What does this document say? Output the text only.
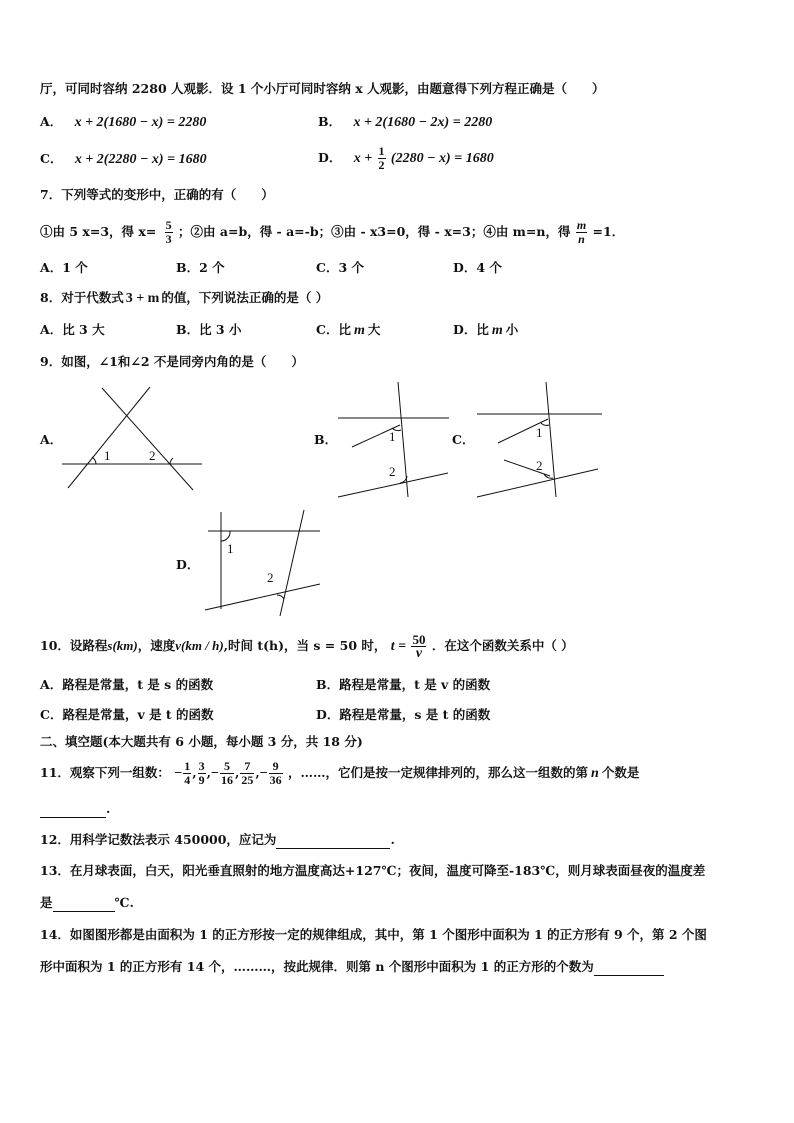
厅，可同时容纳 2280 人观影．设 1 个小厅可同时容纳 x 人观影，由题意得下列方程正确是（　　）
A． x + 2(1680 − x) = 2280	B． x + 2(1680 − 2x) = 2280
C． x + 2(2280 − x) = 1680	D． $x + \frac{1}{2} (2280 - x) = 1680$
7．下列等式的变形中，正确的有（　　）
①由 5 x=3，得 $x= \frac{5}{3}$ ；②由 a=b，得 - a=-b；③由 - x3=0，得 - x=3；④由 m=n，得 $\frac{m}{n} =1$．
A．1 个	B．2 个	C．3 个	D．4 个
8．对于代数式 3 + m 的值，下列说法正确的是（ ）
A．比 3 大	B．比 3 小	C．比 m 大	D．比 m 小
9．如图，∠1和∠2 不是同旁内角的是（　　）
A．	B．	C．
D．
1	2
1
2
1
2
1
2
10．设路程s(km)，速度v(km / h),时间 t(h)，当 s = 50 时， $t = \frac{50}{v}$ ．在这个函数关系中（ ）
A．路程是常量，t 是 s 的函数	B．路程是常量，t 是 v 的函数
C．路程是常量，v 是 t 的函数	D．路程是常量，s 是 t 的函数
二、填空题(本大题共有 6 小题，每小题 3 分，共 18 分)
11．观察下列一组数： − $\frac{1}{4}$ , $\frac{3}{9}$ ,− $\frac{5}{16}$ , $\frac{7}{25}$ ,− $\frac{9}{36}$ ，……，它们是按一定规律排列的，那么这一组数的第 n 个数是
.
12．用科学记数法表示 450000，应记为	.
13．在月球表面，白天，阳光垂直照射的地方温度高达+127℃；夜间，温度可降至-183℃，则月球表面昼夜的温度差
是	℃.
14．如图图形都是由面积为 1 的正方形按一定的规律组成，其中，第 1 个图形中面积为 1 的正方形有 9 个，第 2 个图
形中面积为 1 的正方形有 14 个，………，按此规律．则第 n 个图形中面积为 1 的正方形的个数为
